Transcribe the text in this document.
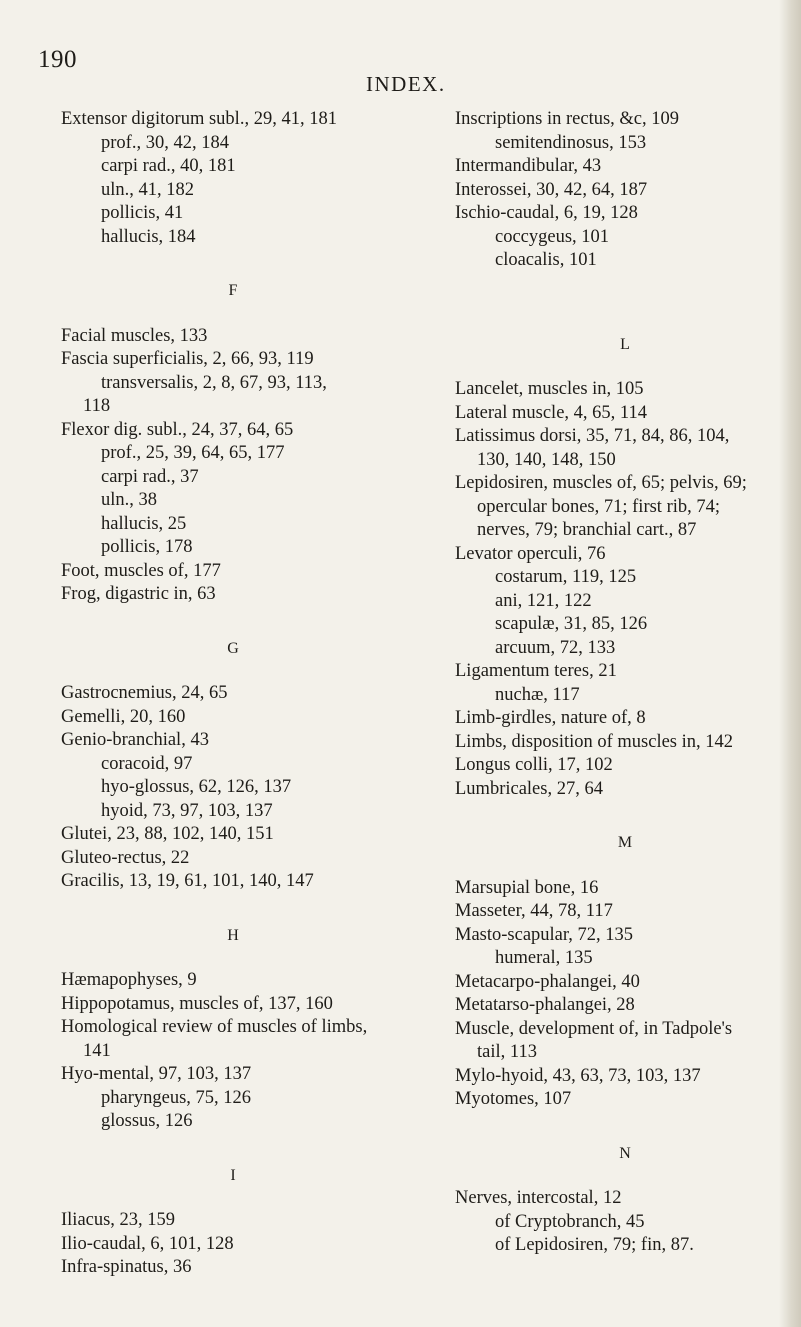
190
INDEX.
Extensor digitorum subl., 29, 41, 181
prof., 30, 42, 184
carpi rad., 40, 181
uln., 41, 182
pollicis, 41
hallucis, 184
F
Facial muscles, 133
Fascia superficialis, 2, 66, 93, 119
transversalis, 2, 8, 67, 93, 113,
118
Flexor dig. subl., 24, 37, 64, 65
prof., 25, 39, 64, 65, 177
carpi rad., 37
uln., 38
hallucis, 25
pollicis, 178
Foot, muscles of, 177
Frog, digastric in, 63
G
Gastrocnemius, 24, 65
Gemelli, 20, 160
Genio-branchial, 43
coracoid, 97
hyo-glossus, 62, 126, 137
hyoid, 73, 97, 103, 137
Glutei, 23, 88, 102, 140, 151
Gluteo-rectus, 22
Gracilis, 13, 19, 61, 101, 140, 147
H
Hæmapophyses, 9
Hippopotamus, muscles of, 137, 160
Homological review of muscles of limbs,
141
Hyo-mental, 97, 103, 137
pharyngeus, 75, 126
glossus, 126
I
Iliacus, 23, 159
Ilio-caudal, 6, 101, 128
Infra-spinatus, 36
Inscriptions in rectus, &c, 109
semitendinosus, 153
Intermandibular, 43
Interossei, 30, 42, 64, 187
Ischio-caudal, 6, 19, 128
coccygeus, 101
cloacalis, 101
L
Lancelet, muscles in, 105
Lateral muscle, 4, 65, 114
Latissimus dorsi, 35, 71, 84, 86, 104,
130, 140, 148, 150
Lepidosiren, muscles of, 65; pelvis, 69;
opercular bones, 71; first rib, 74;
nerves, 79; branchial cart., 87
Levator operculi, 76
costarum, 119, 125
ani, 121, 122
scapulæ, 31, 85, 126
arcuum, 72, 133
Ligamentum teres, 21
nuchæ, 117
Limb-girdles, nature of, 8
Limbs, disposition of muscles in, 142
Longus colli, 17, 102
Lumbricales, 27, 64
M
Marsupial bone, 16
Masseter, 44, 78, 117
Masto-scapular, 72, 135
humeral, 135
Metacarpo-phalangei, 40
Metatarso-phalangei, 28
Muscle, development of, in Tadpole's
tail, 113
Mylo-hyoid, 43, 63, 73, 103, 137
Myotomes, 107
N
Nerves, intercostal, 12
of Cryptobranch, 45
of Lepidosiren, 79; fin, 87.
